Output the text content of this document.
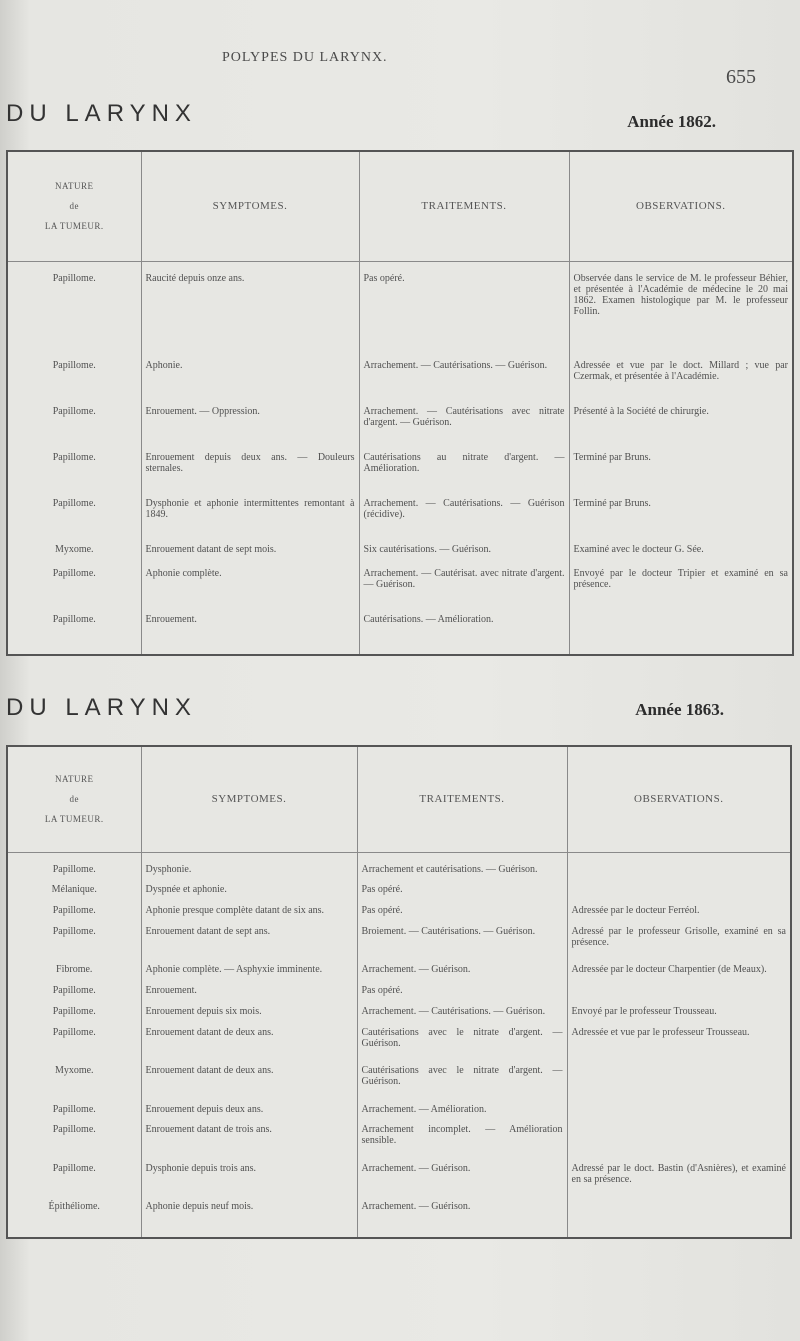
POLYPES DU LARYNX.
655
DU LARYNX	Année 1862.
NATURE
de
LA TUMEUR.	SYMPTOMES.	TRAITEMENTS.	OBSERVATIONS.

Papillome.	Raucité depuis onze ans.	Pas opéré.	Observée dans le service de M. le professeur Béhier, et présentée à l'Académie de médecine le 20 mai 1862. Examen histologique par M. le professeur Follin.
Papillome.	Aphonie.	Arrachement. — Cautérisations. — Guérison.	Adressée et vue par le doct. Millard ; vue par Czermak, et présentée à l'Académie.
Papillome.	Enrouement. — Oppression.	Arrachement. — Cautérisations avec nitrate d'argent. — Guérison.	Présenté à la Société de chirurgie.
Papillome.	Enrouement depuis deux ans. — Douleurs sternales.	Cautérisations au nitrate d'argent. — Amélioration.	Terminé par Bruns.
Papillome.	Dysphonie et aphonie intermittentes remontant à 1849.	Arrachement. — Cautérisations. — Guérison (récidive).	Terminé par Bruns.
Myxome.	Enrouement datant de sept mois.	Six cautérisations. — Guérison.	Examiné avec le docteur G. Sée.
Papillome.	Aphonie complète.	Arrachement. — Cautérisat. avec nitrate d'argent. — Guérison.	Envoyé par le docteur Tripier et examiné en sa présence.
Papillome.	Enrouement.	Cautérisations. — Amélioration.	

DU LARYNX	Année 1863.
NATURE
de
LA TUMEUR.	SYMPTOMES.	TRAITEMENTS.	OBSERVATIONS.

Papillome.	Dysphonie.	Arrachement et cautérisations. — Guérison.	
Mélanique.	Dyspnée et aphonie.	Pas opéré.	
Papillome.	Aphonie presque complète datant de six ans.	Pas opéré.	Adressée par le docteur Ferréol.
Papillome.	Enrouement datant de sept ans.	Broiement. — Cautérisations. — Guérison.	Adressé par le professeur Grisolle, examiné en sa présence.
Fibrome.	Aphonie complète. — Asphyxie imminente.	Arrachement. — Guérison.	Adressée par le docteur Charpentier (de Meaux).
Papillome.	Enrouement.	Pas opéré.	
Papillome.	Enrouement depuis six mois.	Arrachement. — Cautérisations. — Guérison.	Envoyé par le professeur Trousseau.
Papillome.	Enrouement datant de deux ans.	Cautérisations avec le nitrate d'argent. — Guérison.	Adressée et vue par le professeur Trousseau.
Myxome.	Enrouement datant de deux ans.	Cautérisations avec le nitrate d'argent. — Guérison.	
Papillome.	Enrouement depuis deux ans.	Arrachement. — Amélioration.	
Papillome.	Enrouement datant de trois ans.	Arrachement incomplet. — Amélioration sensible.	
Papillome.	Dysphonie depuis trois ans.	Arrachement. — Guérison.	Adressé par le doct. Bastin (d'Asnières), et examiné en sa présence.
Épithéliome.	Aphonie depuis neuf mois.	Arrachement. — Guérison.	
